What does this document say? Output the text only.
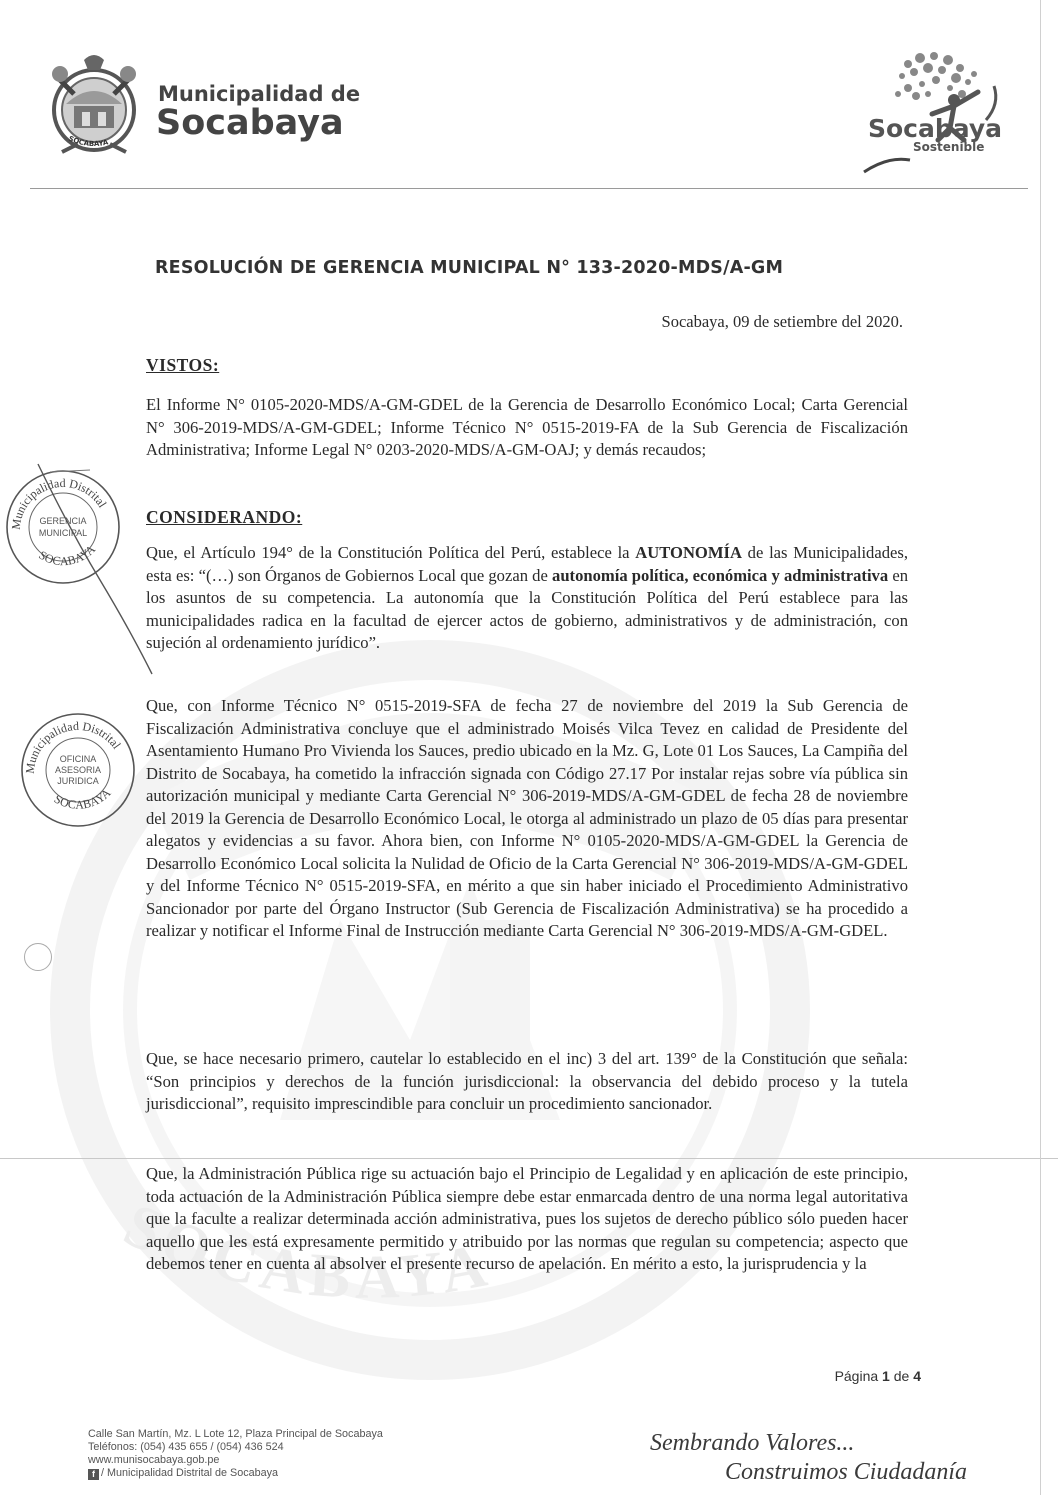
SOCABAYA
SOCABAYA
Municipalidad de
Socabaya	Socabaya
Sostenible
RESOLUCIÓN DE GERENCIA MUNICIPAL N° 133-2020-MDS/A-GM
Socabaya, 09 de setiembre del 2020.
VISTOS:
El Informe N° 0105-2020-MDS/A-GM-GDEL de la Gerencia de Desarrollo Económico Local; Carta Gerencial N° 306-2019-MDS/A-GM-GDEL; Informe Técnico N° 0515-2019-FA de la Sub Gerencia de Fiscalización Administrativa; Informe Legal N° 0203-2020-MDS/A-GM-OAJ; y demás recaudos;
CONSIDERANDO:
Que, el Artículo 194° de la Constitución Política del Perú, establece la AUTONOMÍA de las Municipalidades, esta es: “(…) son Órganos de Gobiernos Local que gozan de autonomía política, económica y administrativa en los asuntos de su competencia. La autonomía que la Constitución Política del Perú establece para las municipalidades radica en la facultad de ejercer actos de gobierno, administrativos y de administración, con sujeción al ordenamiento jurídico”.
Que, con Informe Técnico N° 0515-2019-SFA de fecha 27 de noviembre del 2019 la Sub Gerencia de Fiscalización Administrativa concluye que el administrado Moisés Vilca Tevez en calidad de Presidente del Asentamiento Humano Pro Vivienda los Sauces, predio ubicado en la Mz. G, Lote 01 Los Sauces, La Campiña del Distrito de Socabaya, ha cometido la infracción signada con Código 27.17 Por instalar rejas sobre vía pública sin autorización municipal y mediante Carta Gerencial N° 306-2019-MDS/A-GM-GDEL de fecha 28 de noviembre del 2019 la Gerencia de Desarrollo Económico Local, le otorga al administrado un plazo de 05 días para presentar alegatos y evidencias a su favor. Ahora bien, con Informe N° 0105-2020-MDS/A-GM-GDEL la Gerencia de Desarrollo Económico Local solicita la Nulidad de Oficio de la Carta Gerencial N° 306-2019-MDS/A-GM-GDEL y del Informe Técnico N° 0515-2019-SFA, en mérito a que sin haber iniciado el Procedimiento Administrativo Sancionador por parte del Órgano Instructor (Sub Gerencia de Fiscalización Administrativa) se ha procedido a realizar y notificar el Informe Final de Instrucción mediante Carta Gerencial N° 306-2019-MDS/A-GM-GDEL.
Que, se hace necesario primero, cautelar lo establecido en el inc) 3 del art. 139° de la Constitución que señala: “Son principios y derechos de la función jurisdiccional: la observancia del debido proceso y la tutela jurisdiccional”, requisito imprescindible para concluir un procedimiento sancionador.
Que, la Administración Pública rige su actuación bajo el Principio de Legalidad y en aplicación de este principio, toda actuación de la Administración Pública siempre debe estar enmarcada dentro de una norma legal autoritativa que la faculte a realizar determinada acción administrativa, pues los sujetos de derecho público sólo pueden hacer aquello que les está expresamente permitido y atribuido por las normas que regulan su competencia; aspecto que debemos tener en cuenta al absolver el presente recurso de apelación. En mérito a esto, la jurisprudencia y la
Municipalidad Distrital
SOCABAYA
GERENCIA
MUNICIPAL
Municipalidad Distrital
SOCABAYA
OFICINA
ASESORIA
JURIDICA
Página 1 de 4
Calle San Martín, Mz. L Lote 12, Plaza Principal de Socabaya
Teléfonos: (054) 435 655 / (054) 436 524
www.munisocabaya.gob.pe
f / Municipalidad Distrital de Socabaya
Sembrando Valores...
Construimos Ciudadanía
